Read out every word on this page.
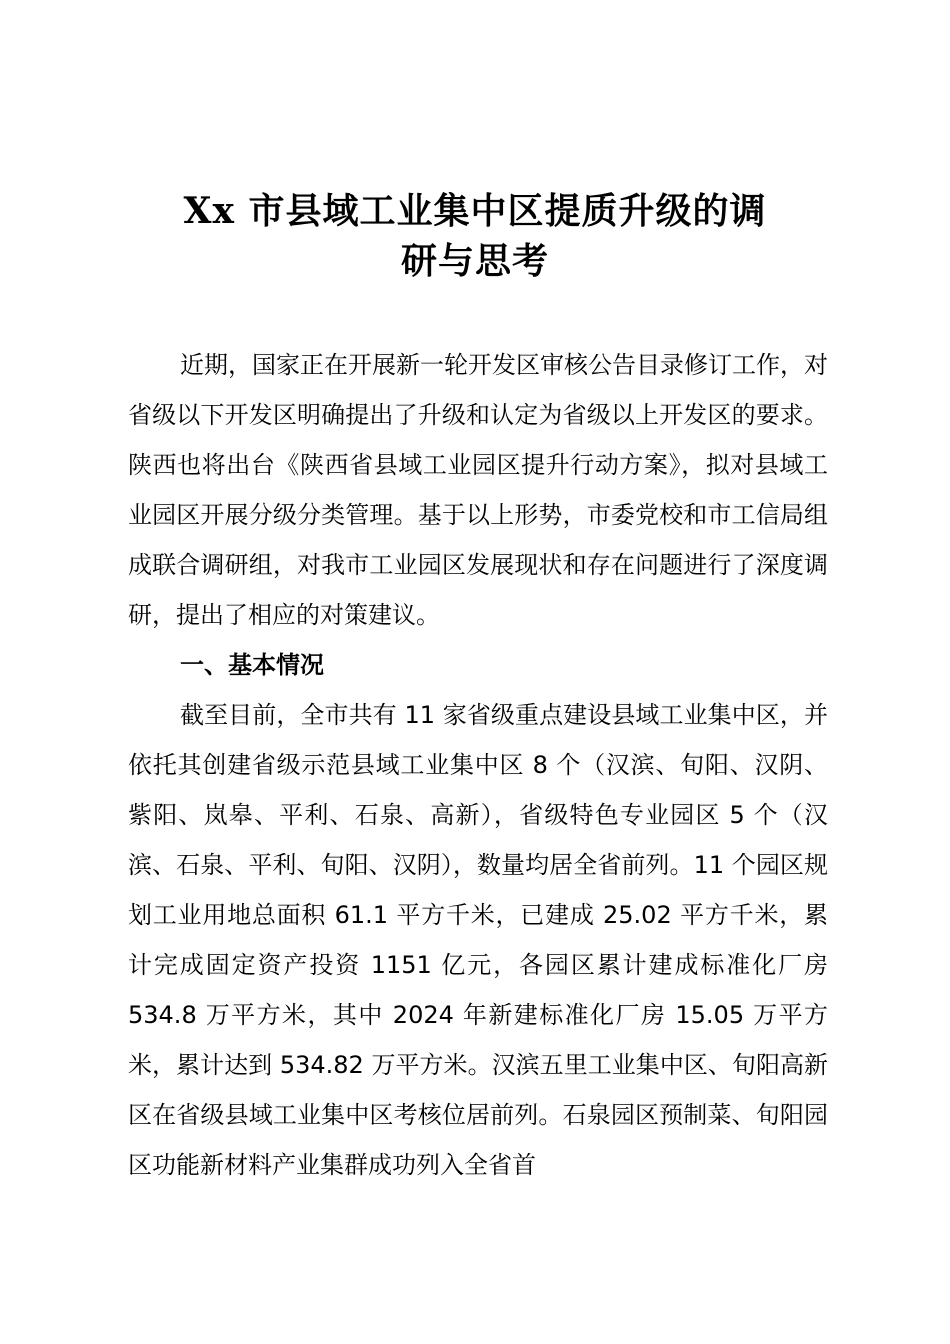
Xx 市县域工业集中区提质升级的调
研与思考

近期，国家正在开展新一轮开发区审核公告目录修订工作，对省级以下开发区明确提出了升级和认定为省级以上开发区的要求。陕西也将出台《陕西省县域工业园区提升行动方案》，拟对县域工业园区开展分级分类管理。基于以上形势，市委党校和市工信局组成联合调研组，对我市工业园区发展现状和存在问题进行了深度调研，提出了相应的对策建议。

一、基本情况

截至目前，全市共有 11 家省级重点建设县域工业集中区，并依托其创建省级示范县域工业集中区 8 个（汉滨、旬阳、汉阴、紫阳、岚皋、平利、石泉、高新），省级特色专业园区 5 个（汉滨、石泉、平利、旬阳、汉阴），数量均居全省前列。11 个园区规划工业用地总面积 61.1 平方千米，已建成 25.02 平方千米，累计完成固定资产投资 1151 亿元，各园区累计建成标准化厂房 534.8 万平方米，其中 2024 年新建标准化厂房 15.05 万平方米，累计达到 534.82 万平方米。汉滨五里工业集中区、旬阳高新区在省级县域工业集中区考核位居前列。石泉园区预制菜、旬阳园区功能新材料产业集群成功列入全省首
